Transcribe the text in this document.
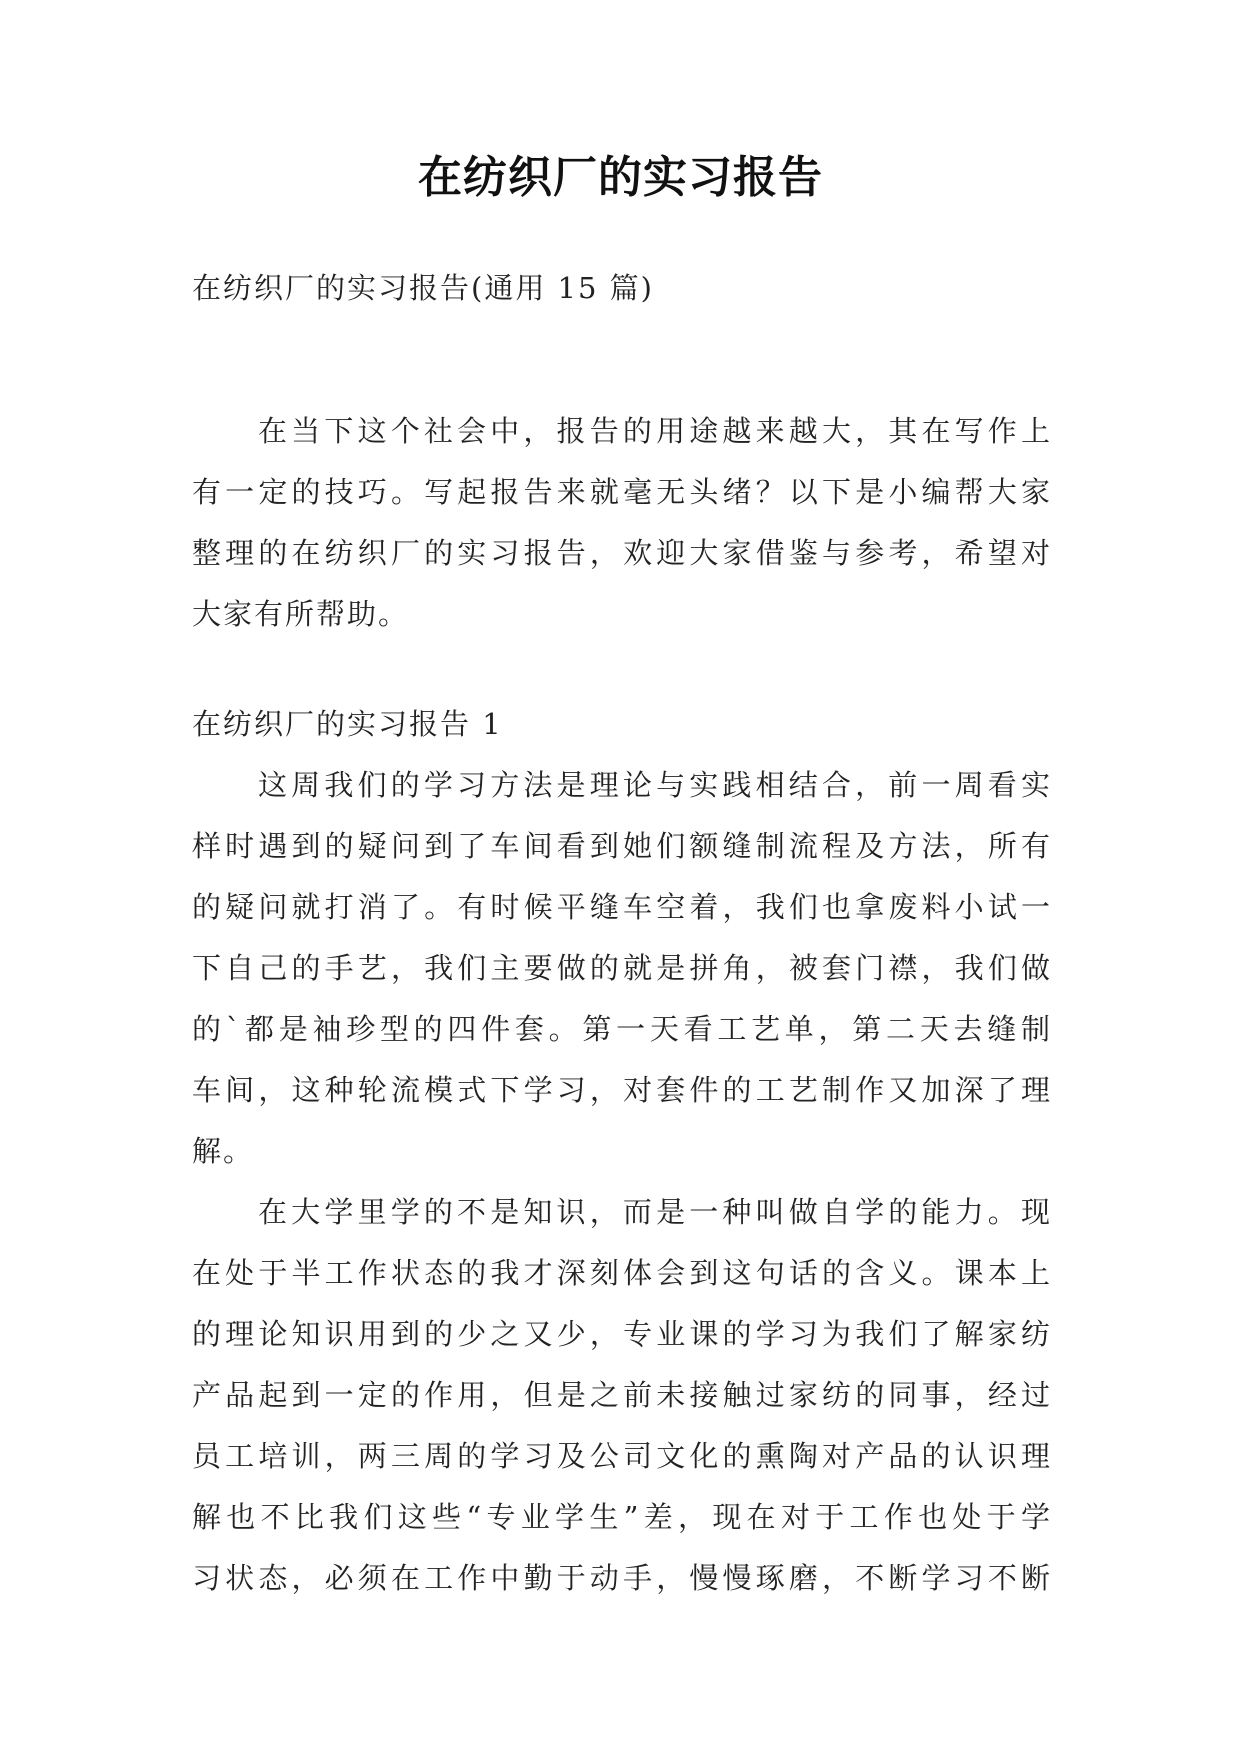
在纺织厂的实习报告
在纺织厂的实习报告(通用 15 篇)
在当下这个社会中，报告的用途越来越大，其在写作上
有一定的技巧。写起报告来就毫无头绪？以下是小编帮大家
整理的在纺织厂的实习报告，欢迎大家借鉴与参考，希望对
大家有所帮助。
在纺织厂的实习报告 1
这周我们的学习方法是理论与实践相结合，前一周看实
样时遇到的疑问到了车间看到她们额缝制流程及方法，所有
的疑问就打消了。有时候平缝车空着，我们也拿废料小试一
下自己的手艺，我们主要做的就是拼角，被套门襟，我们做
的`都是袖珍型的四件套。第一天看工艺单，第二天去缝制
车间，这种轮流模式下学习，对套件的工艺制作又加深了理
解。
在大学里学的不是知识，而是一种叫做自学的能力。现
在处于半工作状态的我才深刻体会到这句话的含义。课本上
的理论知识用到的少之又少，专业课的学习为我们了解家纺
产品起到一定的作用，但是之前未接触过家纺的同事，经过
员工培训，两三周的学习及公司文化的熏陶对产品的认识理
解也不比我们这些“专业学生”差，现在对于工作也处于学
习状态，必须在工作中勤于动手，慢慢琢磨，不断学习不断
